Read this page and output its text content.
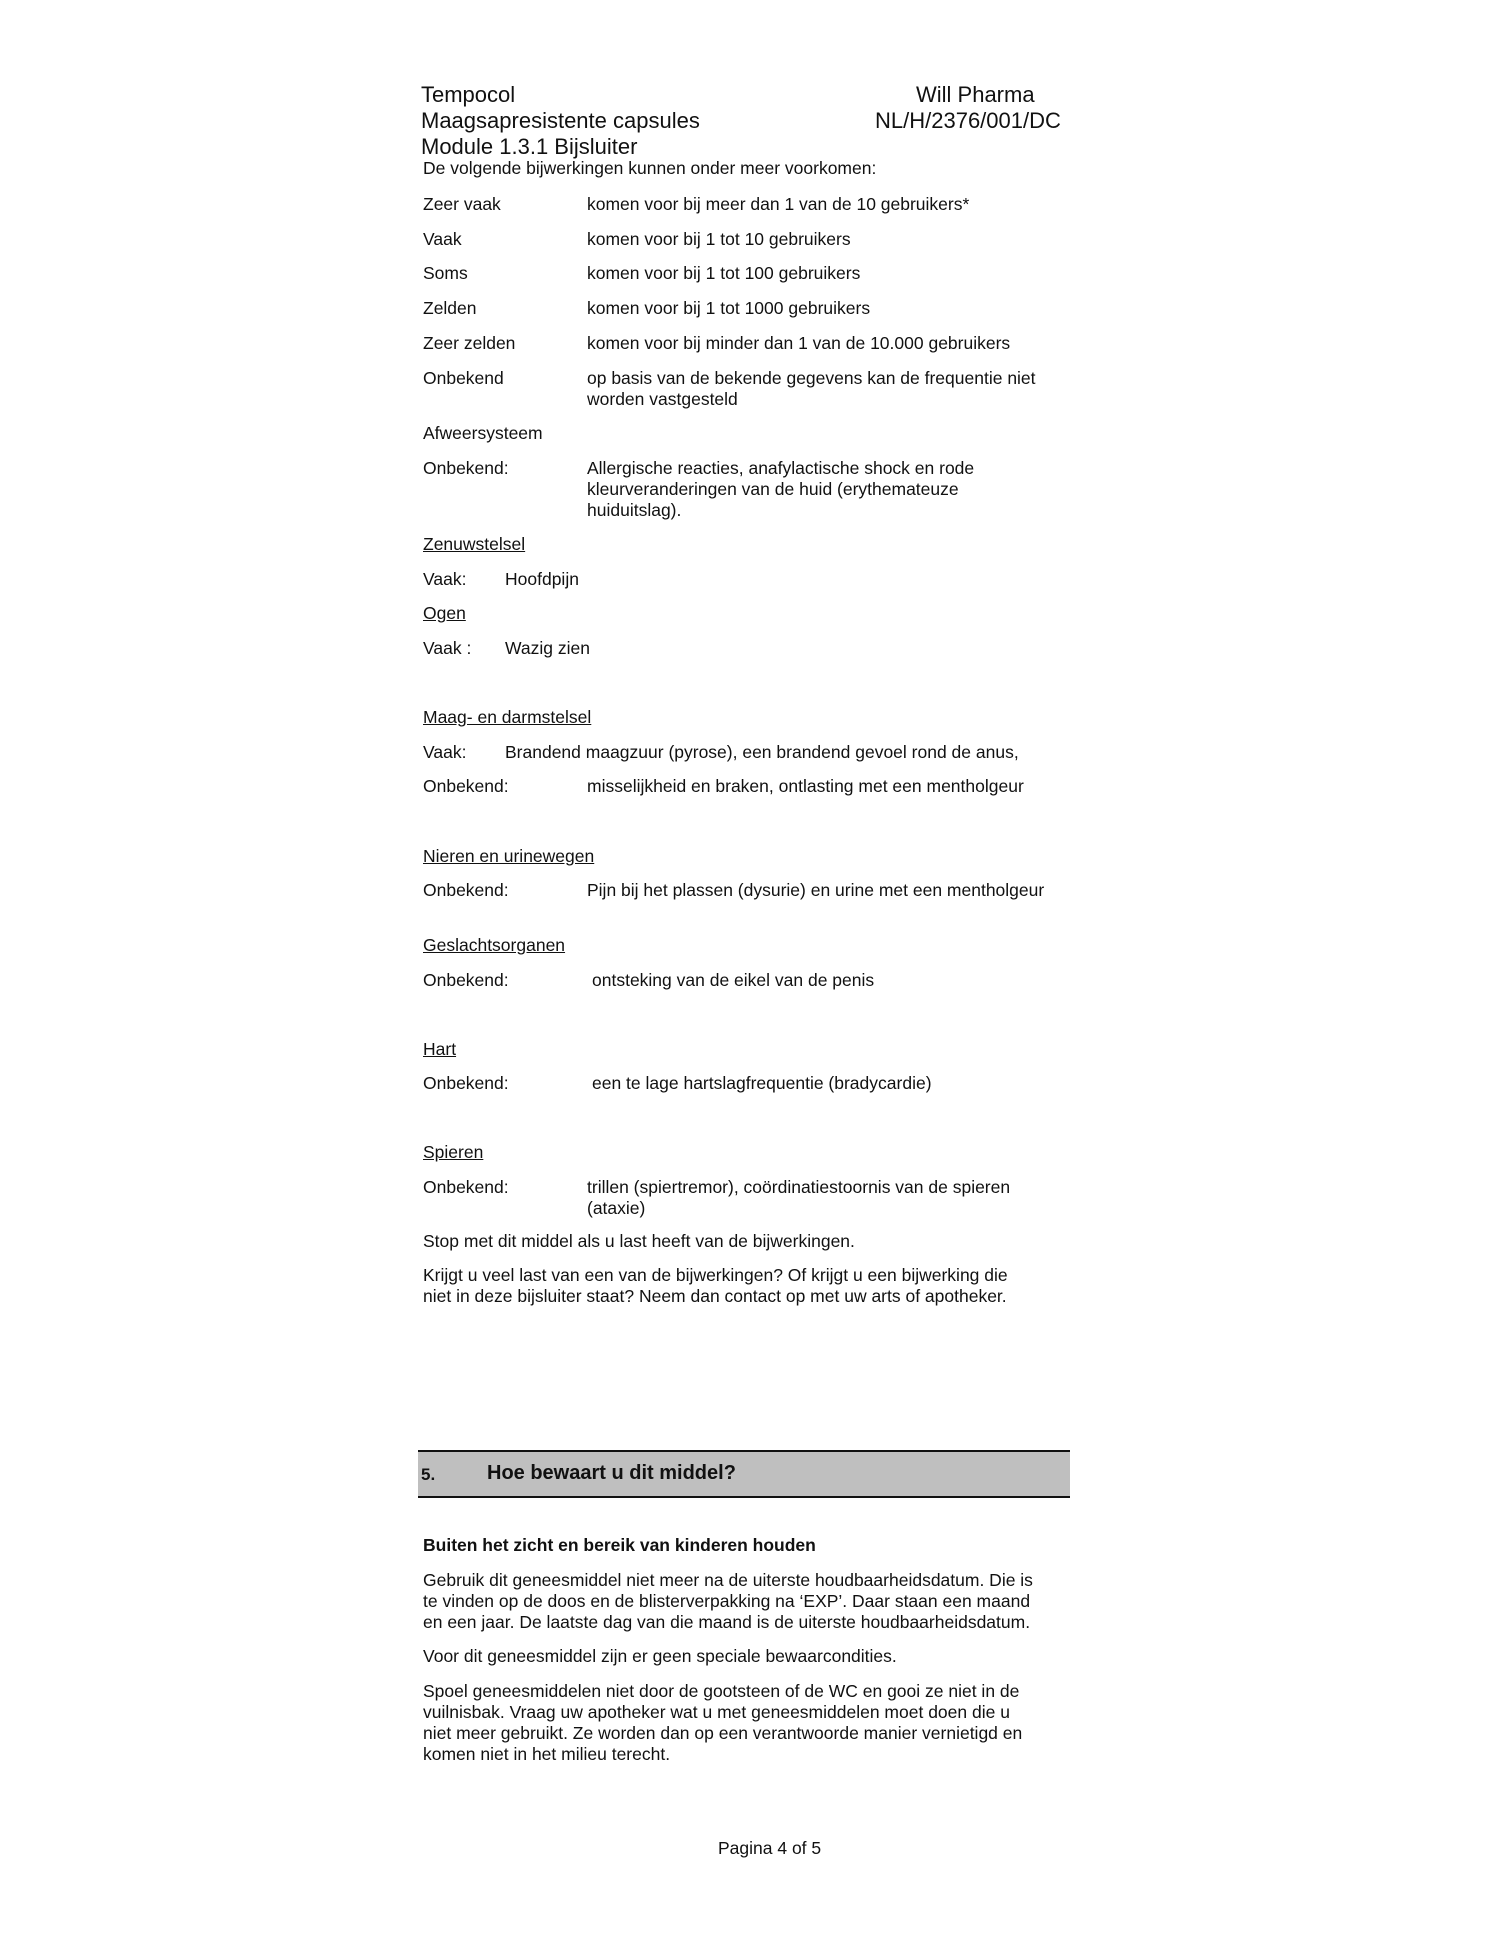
Tempocol	Will Pharma
Maagsapresistente capsules	NL/H/2376/001/DC
Module 1.3.1 Bijsluiter
De volgende bijwerkingen kunnen onder meer voorkomen:
Zeer vaak	komen voor bij meer dan 1 van de 10 gebruikers*
Vaak	komen voor bij 1 tot 10 gebruikers
Soms	komen voor bij 1 tot 100 gebruikers
Zelden	komen voor bij 1 tot 1000 gebruikers
Zeer zelden	komen voor bij minder dan 1 van de 10.000 gebruikers
Onbekend	op basis van de bekende gegevens kan de frequentie niet
worden vastgesteld
Afweersysteem
Onbekend:	Allergische reacties, anafylactische shock en rode
kleurveranderingen van de huid (erythemateuze
huiduitslag).
Zenuwstelsel
Vaak: Hoofdpijn
Ogen
Vaak : Wazig zien
Maag- en darmstelsel
Vaak: Brandend maagzuur (pyrose), een brandend gevoel rond de anus,
Onbekend:	misselijkheid en braken, ontlasting met een mentholgeur
Nieren en urinewegen
Onbekend:	Pijn bij het plassen (dysurie) en urine met een mentholgeur
Geslachtsorganen
Onbekend:	ontsteking van de eikel van de penis
Hart
Onbekend:	een te lage hartslagfrequentie (bradycardie)
Spieren
Onbekend:	trillen (spiertremor), coördinatiestoornis van de spieren
(ataxie)
Stop met dit middel als u last heeft van de bijwerkingen.
Krijgt u veel last van een van de bijwerkingen? Of krijgt u een bijwerking die
niet in deze bijsluiter staat? Neem dan contact op met uw arts of apotheker.
5.	Hoe bewaart u dit middel?
Buiten het zicht en bereik van kinderen houden
Gebruik dit geneesmiddel niet meer na de uiterste houdbaarheidsdatum. Die is
te vinden op de doos en de blisterverpakking na ‘EXP’. Daar staan een maand
en een jaar. De laatste dag van die maand is de uiterste houdbaarheidsdatum.
Voor dit geneesmiddel zijn er geen speciale bewaarcondities.
Spoel geneesmiddelen niet door de gootsteen of de WC en gooi ze niet in de
vuilnisbak. Vraag uw apotheker wat u met geneesmiddelen moet doen die u
niet meer gebruikt. Ze worden dan op een verantwoorde manier vernietigd en
komen niet in het milieu terecht.
Pagina 4 of 5
